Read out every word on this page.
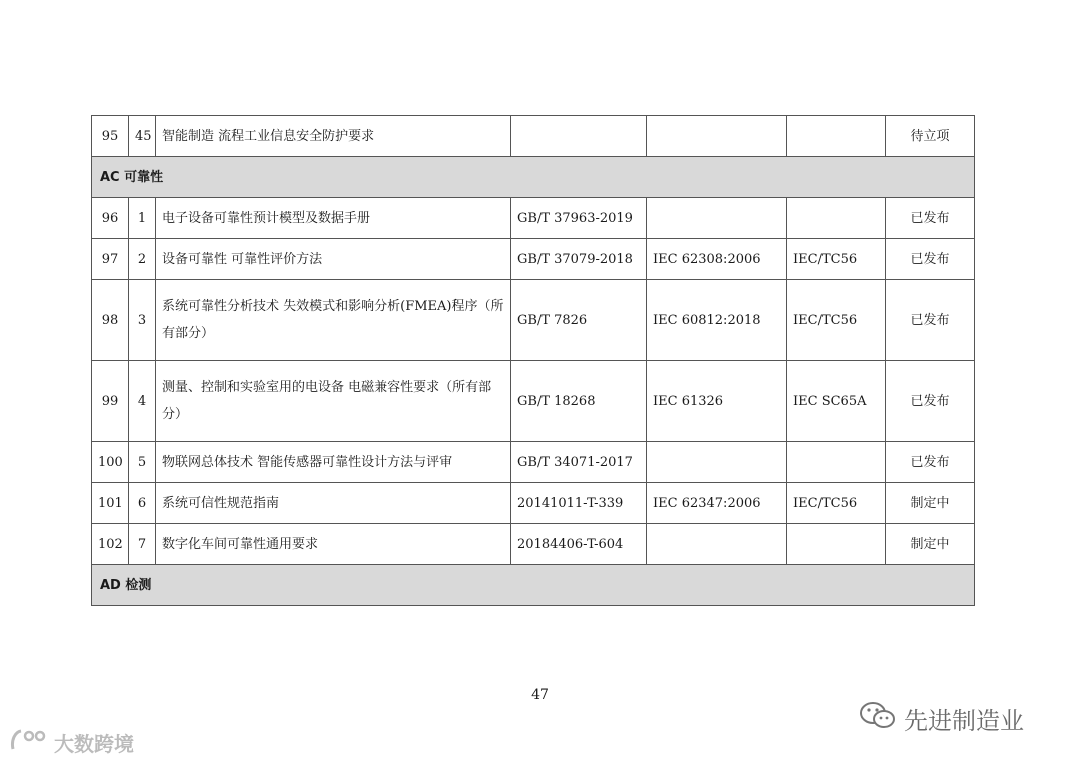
95	45	智能制造 流程工业信息安全防护要求				待立项
AC 可靠性						
96	1	电子设备可靠性预计模型及数据手册	GB/T 37963-2019			已发布
97	2	设备可靠性 可靠性评价方法	GB/T 37079-2018	IEC 62308:2006	IEC/TC56	已发布
98	3	系统可靠性分析技术 失效模式和影响分析(FMEA)程序（所有部分）	GB/T 7826	IEC 60812:2018	IEC/TC56	已发布
99	4	测量、控制和实验室用的电设备 电磁兼容性要求（所有部分）	GB/T 18268	IEC 61326	IEC SC65A	已发布
100	5	物联网总体技术 智能传感器可靠性设计方法与评审	GB/T 34071-2017			已发布
101	6	系统可信性规范指南	20141011-T-339	IEC 62347:2006	IEC/TC56	制定中
102	7	数字化车间可靠性通用要求	20184406-T-604			制定中
AD 检测						
47
先进制造业
大数跨境
